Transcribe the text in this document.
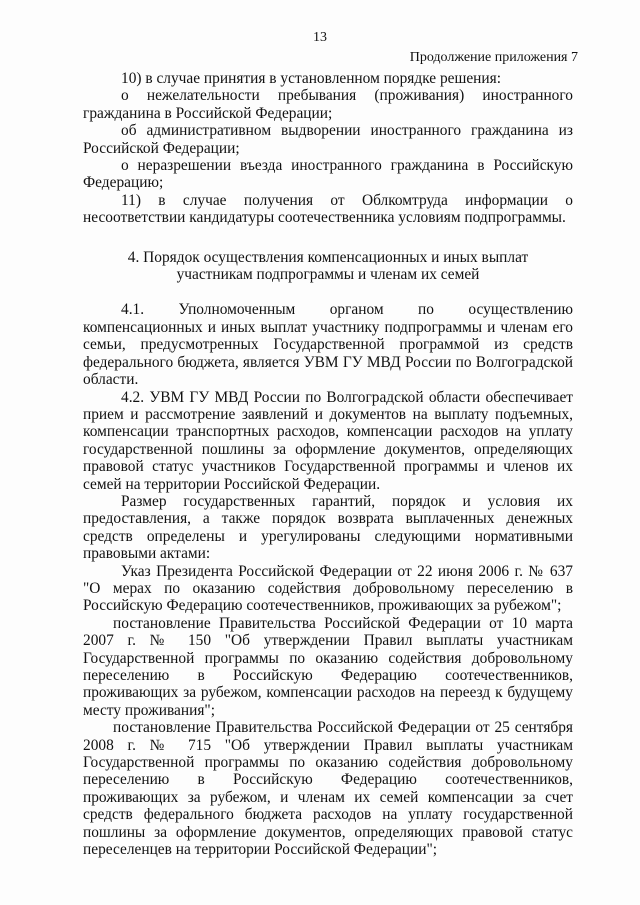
13
Продолжение приложения 7

10) в случае принятия в установленном порядке решения:

о нежелательности пребывания (проживания) иностранного гражданина в Российской Федерации;

об административном выдворении иностранного гражданина из Российской Федерации;

о неразрешении въезда иностранного гражданина в Российскую Федерацию;

11) в случае получения от Облкомтруда информации о несоответствии кандидатуры соотечественника условиям подпрограммы.

4. Порядок осуществления компенсационных и иных выплат
участникам подпрограммы и членам их семей

4.1. Уполномоченным органом по осуществлению компенсационных и иных выплат участнику подпрограммы и членам его семьи, предусмотренных Государственной программой из средств федерального бюджета, является УВМ ГУ МВД России по Волгоградской области.

4.2. УВМ ГУ МВД России по Волгоградской области обеспечивает прием и рассмотрение заявлений и документов на выплату подъемных, компенсации транспортных расходов, компенсации расходов на уплату государственной пошлины за оформление документов, определяющих правовой статус участников Государственной программы и членов их семей на территории Российской Федерации.

Размер государственных гарантий, порядок и условия их предоставления, а также порядок возврата выплаченных денежных средств определены и урегулированы следующими нормативными правовыми актами:

Указ Президента Российской Федерации от 22 июня 2006 г. № 637 "О мерах по оказанию содействия добровольному переселению в Российскую Федерацию соотечественников, проживающих за рубежом";

постановление Правительства Российской Федерации от 10 марта 2007 г. № 150 "Об утверждении Правил выплаты участникам Государственной программы по оказанию содействия добровольному переселению в Российскую Федерацию соотечественников, проживающих за рубежом, компенсации расходов на переезд к будущему месту проживания";

постановление Правительства Российской Федерации от 25 сентября 2008 г. № 715 "Об утверждении Правил выплаты участникам Государственной программы по оказанию содействия добровольному переселению в Российскую Федерацию соотечественников, проживающих за рубежом, и членам их семей компенсации за счет средств федерального бюджета расходов на уплату государственной пошлины за оформление документов, определяющих правовой статус переселенцев на территории Российской Федерации";
